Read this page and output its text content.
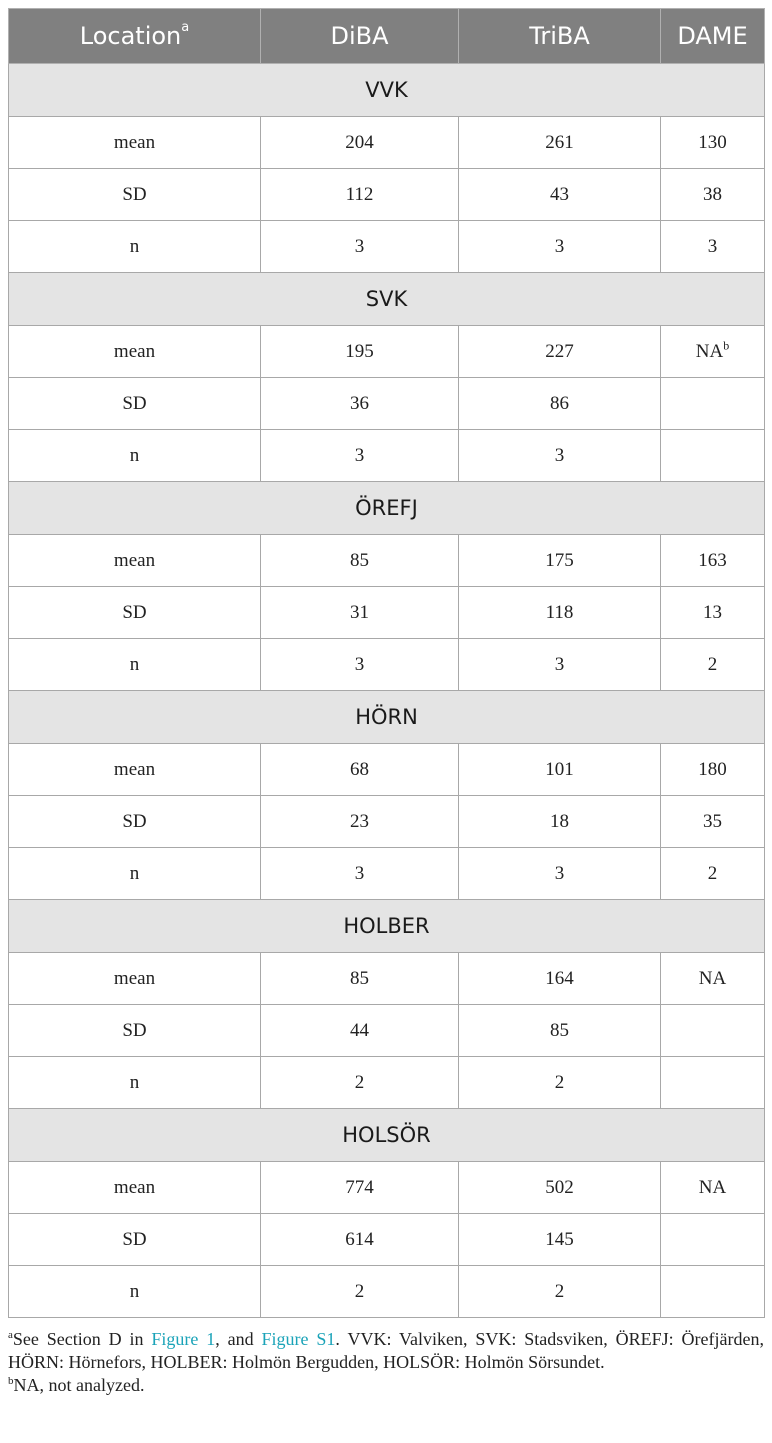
Location$^a$	DiBA	TriBA	DAME
VVK			
mean	204	261	130
SD	112	43	38
n	3	3	3
SVK			
mean	195	227	$NA^b$
SD	36	86	
n	3	3	
ÖREFJ			
mean	85	175	163
SD	31	118	13
n	3	3	2
HÖRN			
mean	68	101	180
SD	23	18	35
n	3	3	2
HOLBER			
mean	85	164	NA
SD	44	85	
n	2	2	
HOLSÖR			
mean	774	502	NA
SD	614	145	
n	2	2	

$^a$See Section D in Figure 1, and Figure S1. VVK: Valviken, SVK: Stadsviken, ÖREFJ: Örefjärden, HÖRN: Hörnefors, HOLBER: Holmön Bergudden, HOLSÖR: Holmön Sörsundet.

$^b$NA, not analyzed.
